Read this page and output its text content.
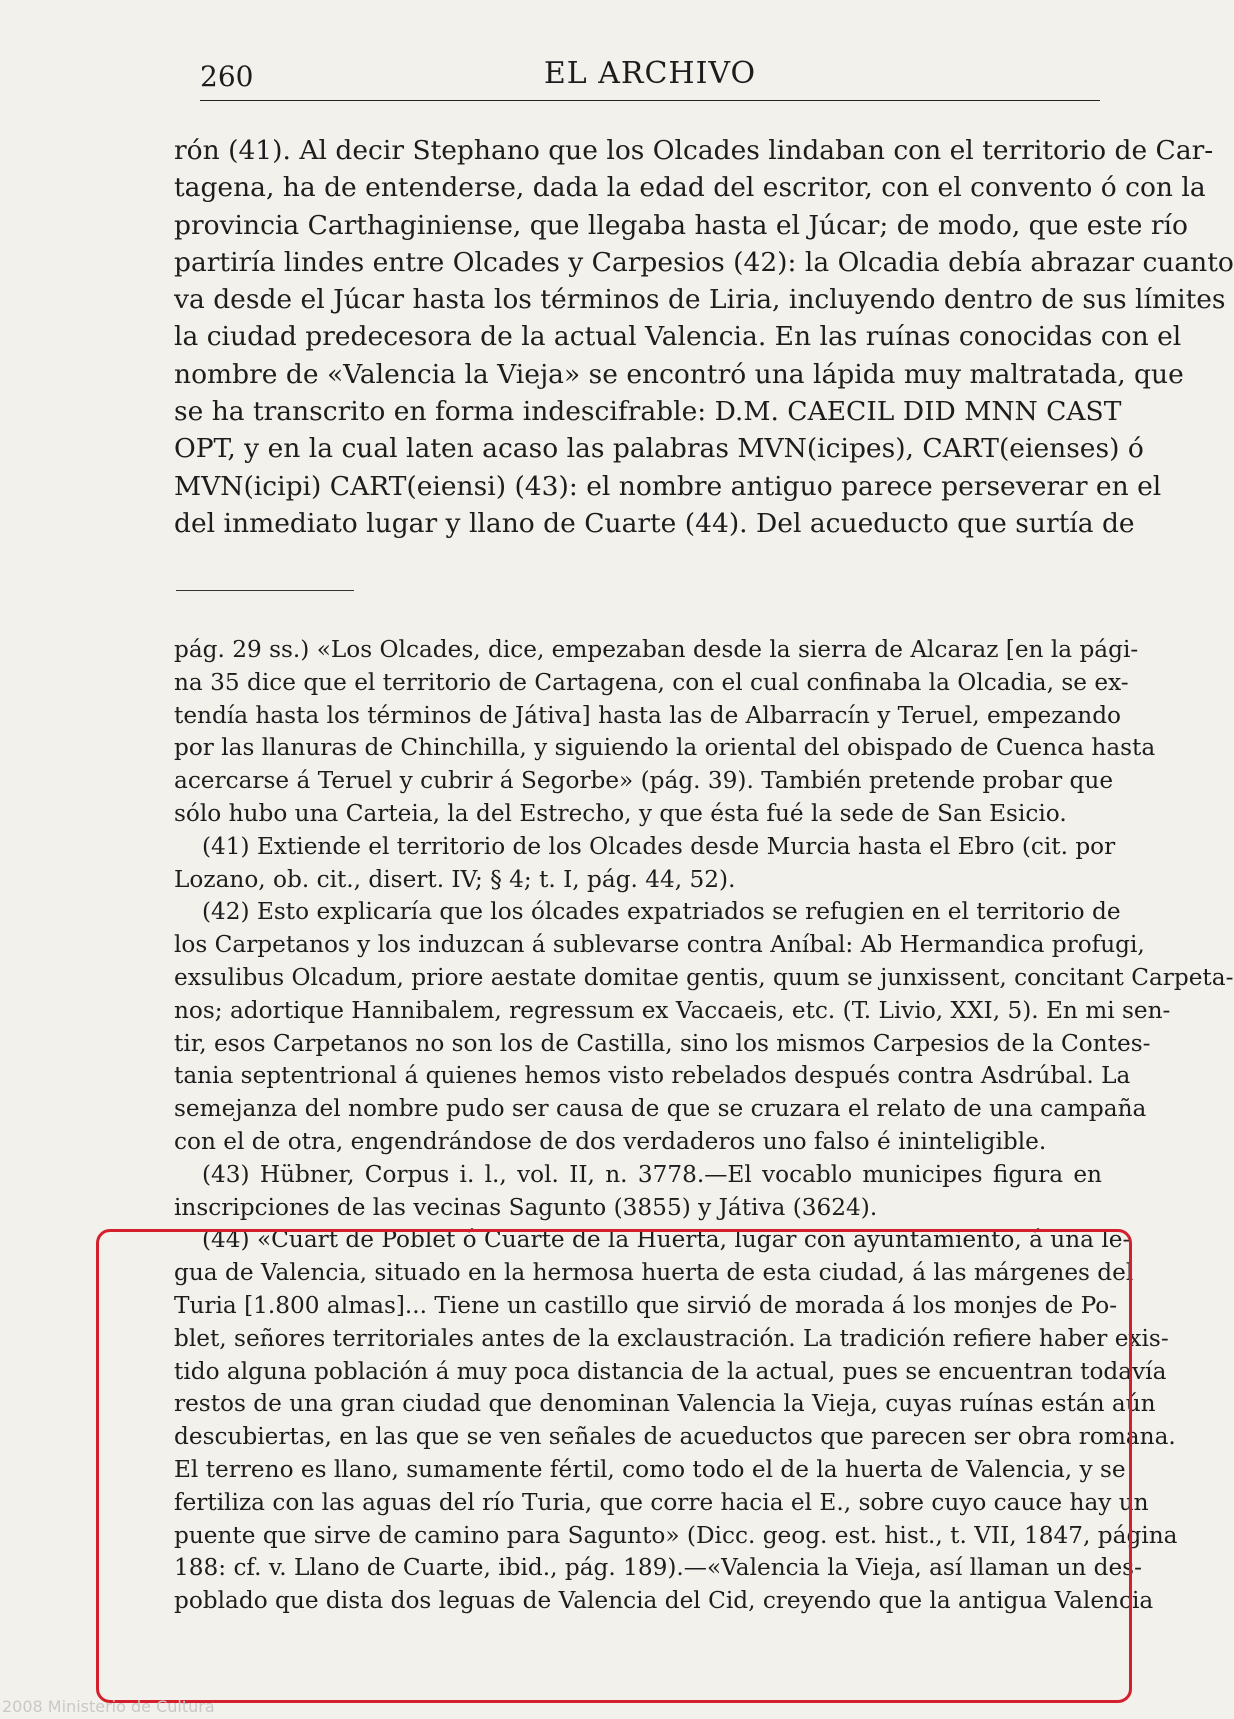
260	EL ARCHIVO
rón (41). Al decir Stephano que los Olcades lindaban con el territorio de Car-
tagena, ha de entenderse, dada la edad del escritor, con el convento ó con la
provincia Carthaginiense, que llegaba hasta el Júcar; de modo, que este río
partiría lindes entre Olcades y Carpesios (42): la Olcadia debía abrazar cuanto
va desde el Júcar hasta los términos de Liria, incluyendo dentro de sus límites
la ciudad predecesora de la actual Valencia. En las ruínas conocidas con el
nombre de «Valencia la Vieja» se encontró una lápida muy maltratada, que
se ha transcrito en forma indescifrable: D.M. CAECIL DID MNN CAST
OPT, y en la cual laten acaso las palabras MVN(icipes), CART(eienses) ó
MVN(icipi) CART(eiensi) (43): el nombre antiguo parece perseverar en el
del inmediato lugar y llano de Cuarte (44). Del acueducto que surtía de
pág. 29 ss.) «Los Olcades, dice, empezaban desde la sierra de Alcaraz [en la pági-
na 35 dice que el territorio de Cartagena, con el cual confinaba la Olcadia, se ex-
tendía hasta los términos de Játiva] hasta las de Albarracín y Teruel, empezando
por las llanuras de Chinchilla, y siguiendo la oriental del obispado de Cuenca hasta
acercarse á Teruel y cubrir á Segorbe» (pág. 39). También pretende probar que
sólo hubo una Carteia, la del Estrecho, y que ésta fué la sede de San Esicio.
(41) Extiende el territorio de los Olcades desde Murcia hasta el Ebro (cit. por
Lozano, ob. cit., disert. IV; § 4; t. I, pág. 44, 52).
(42) Esto explicaría que los ólcades expatriados se refugien en el territorio de
los Carpetanos y los induzcan á sublevarse contra Aníbal: Ab Hermandica profugi,
exsulibus Olcadum, priore aestate domitae gentis, quum se junxissent, concitant Carpeta-
nos; adortique Hannibalem, regressum ex Vaccaeis, etc. (T. Livio, XXI, 5). En mi sen-
tir, esos Carpetanos no son los de Castilla, sino los mismos Carpesios de la Contes-
tania septentrional á quienes hemos visto rebelados después contra Asdrúbal. La
semejanza del nombre pudo ser causa de que se cruzara el relato de una campaña
con el de otra, engendrándose de dos verdaderos uno falso é ininteligible.
(43) Hübner, Corpus i. l., vol. II, n. 3778.—El vocablo municipes figura en
inscripciones de las vecinas Sagunto (3855) y Játiva (3624).
(44) «Cuart de Poblet ó Cuarte de la Huerta, lugar con ayuntamiento, á una le-
gua de Valencia, situado en la hermosa huerta de esta ciudad, á las márgenes del
Turia [1.800 almas]... Tiene un castillo que sirvió de morada á los monjes de Po-
blet, señores territoriales antes de la exclaustración. La tradición refiere haber exis-
tido alguna población á muy poca distancia de la actual, pues se encuentran todavía
restos de una gran ciudad que denominan Valencia la Vieja, cuyas ruínas están aún
descubiertas, en las que se ven señales de acueductos que parecen ser obra romana.
El terreno es llano, sumamente fértil, como todo el de la huerta de Valencia, y se
fertiliza con las aguas del río Turia, que corre hacia el E., sobre cuyo cauce hay un
puente que sirve de camino para Sagunto» (Dicc. geog. est. hist., t. VII, 1847, página
188: cf. v. Llano de Cuarte, ibid., pág. 189).—«Valencia la Vieja, así llaman un des-
poblado que dista dos leguas de Valencia del Cid, creyendo que la antigua Valencia
2008 Ministerio de Cultura
